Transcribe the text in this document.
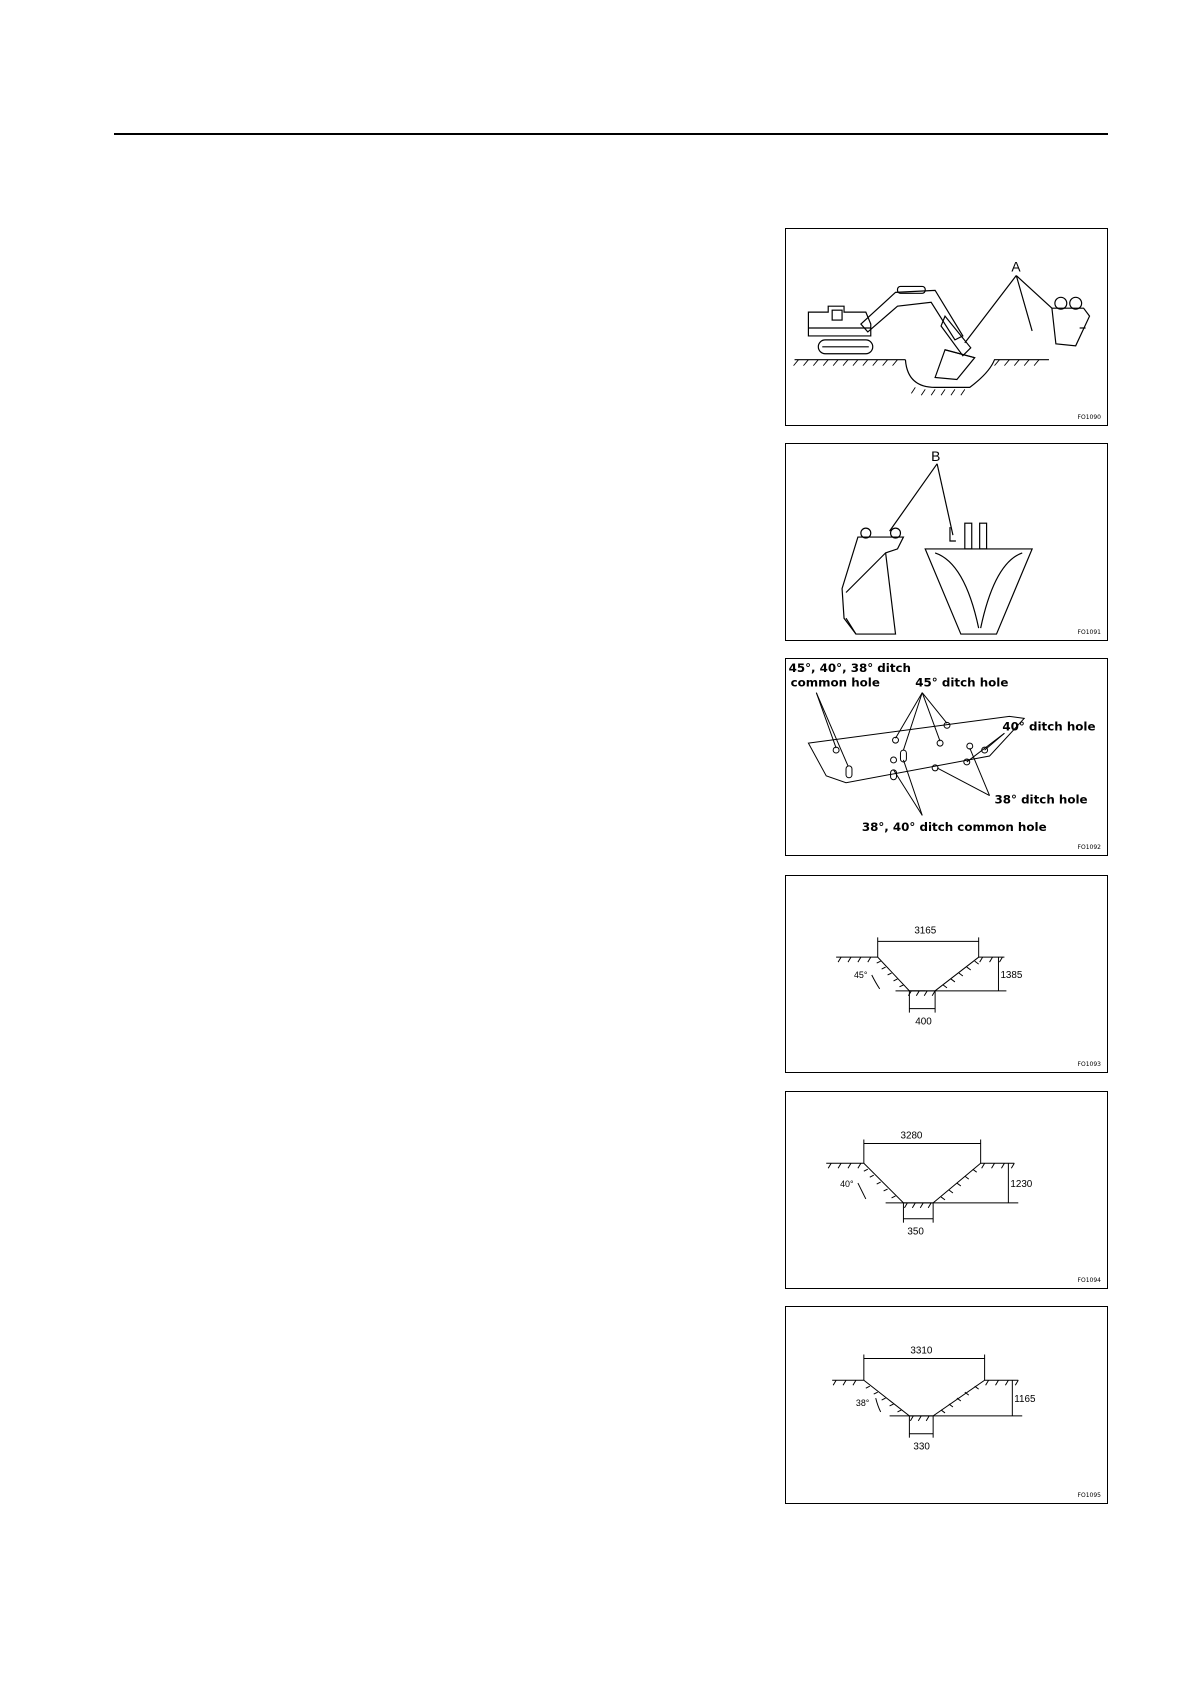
A
FO1090
B
FO1091
45°, 40°, 38° ditch
common hole	45° ditch hole
40° ditch hole
38° ditch hole
38°, 40° ditch common hole
FO1092
3165
1385
400
45°
FO1093
3280
1230
350
40°
FO1094
3310
1165
330
38°
FO1095
